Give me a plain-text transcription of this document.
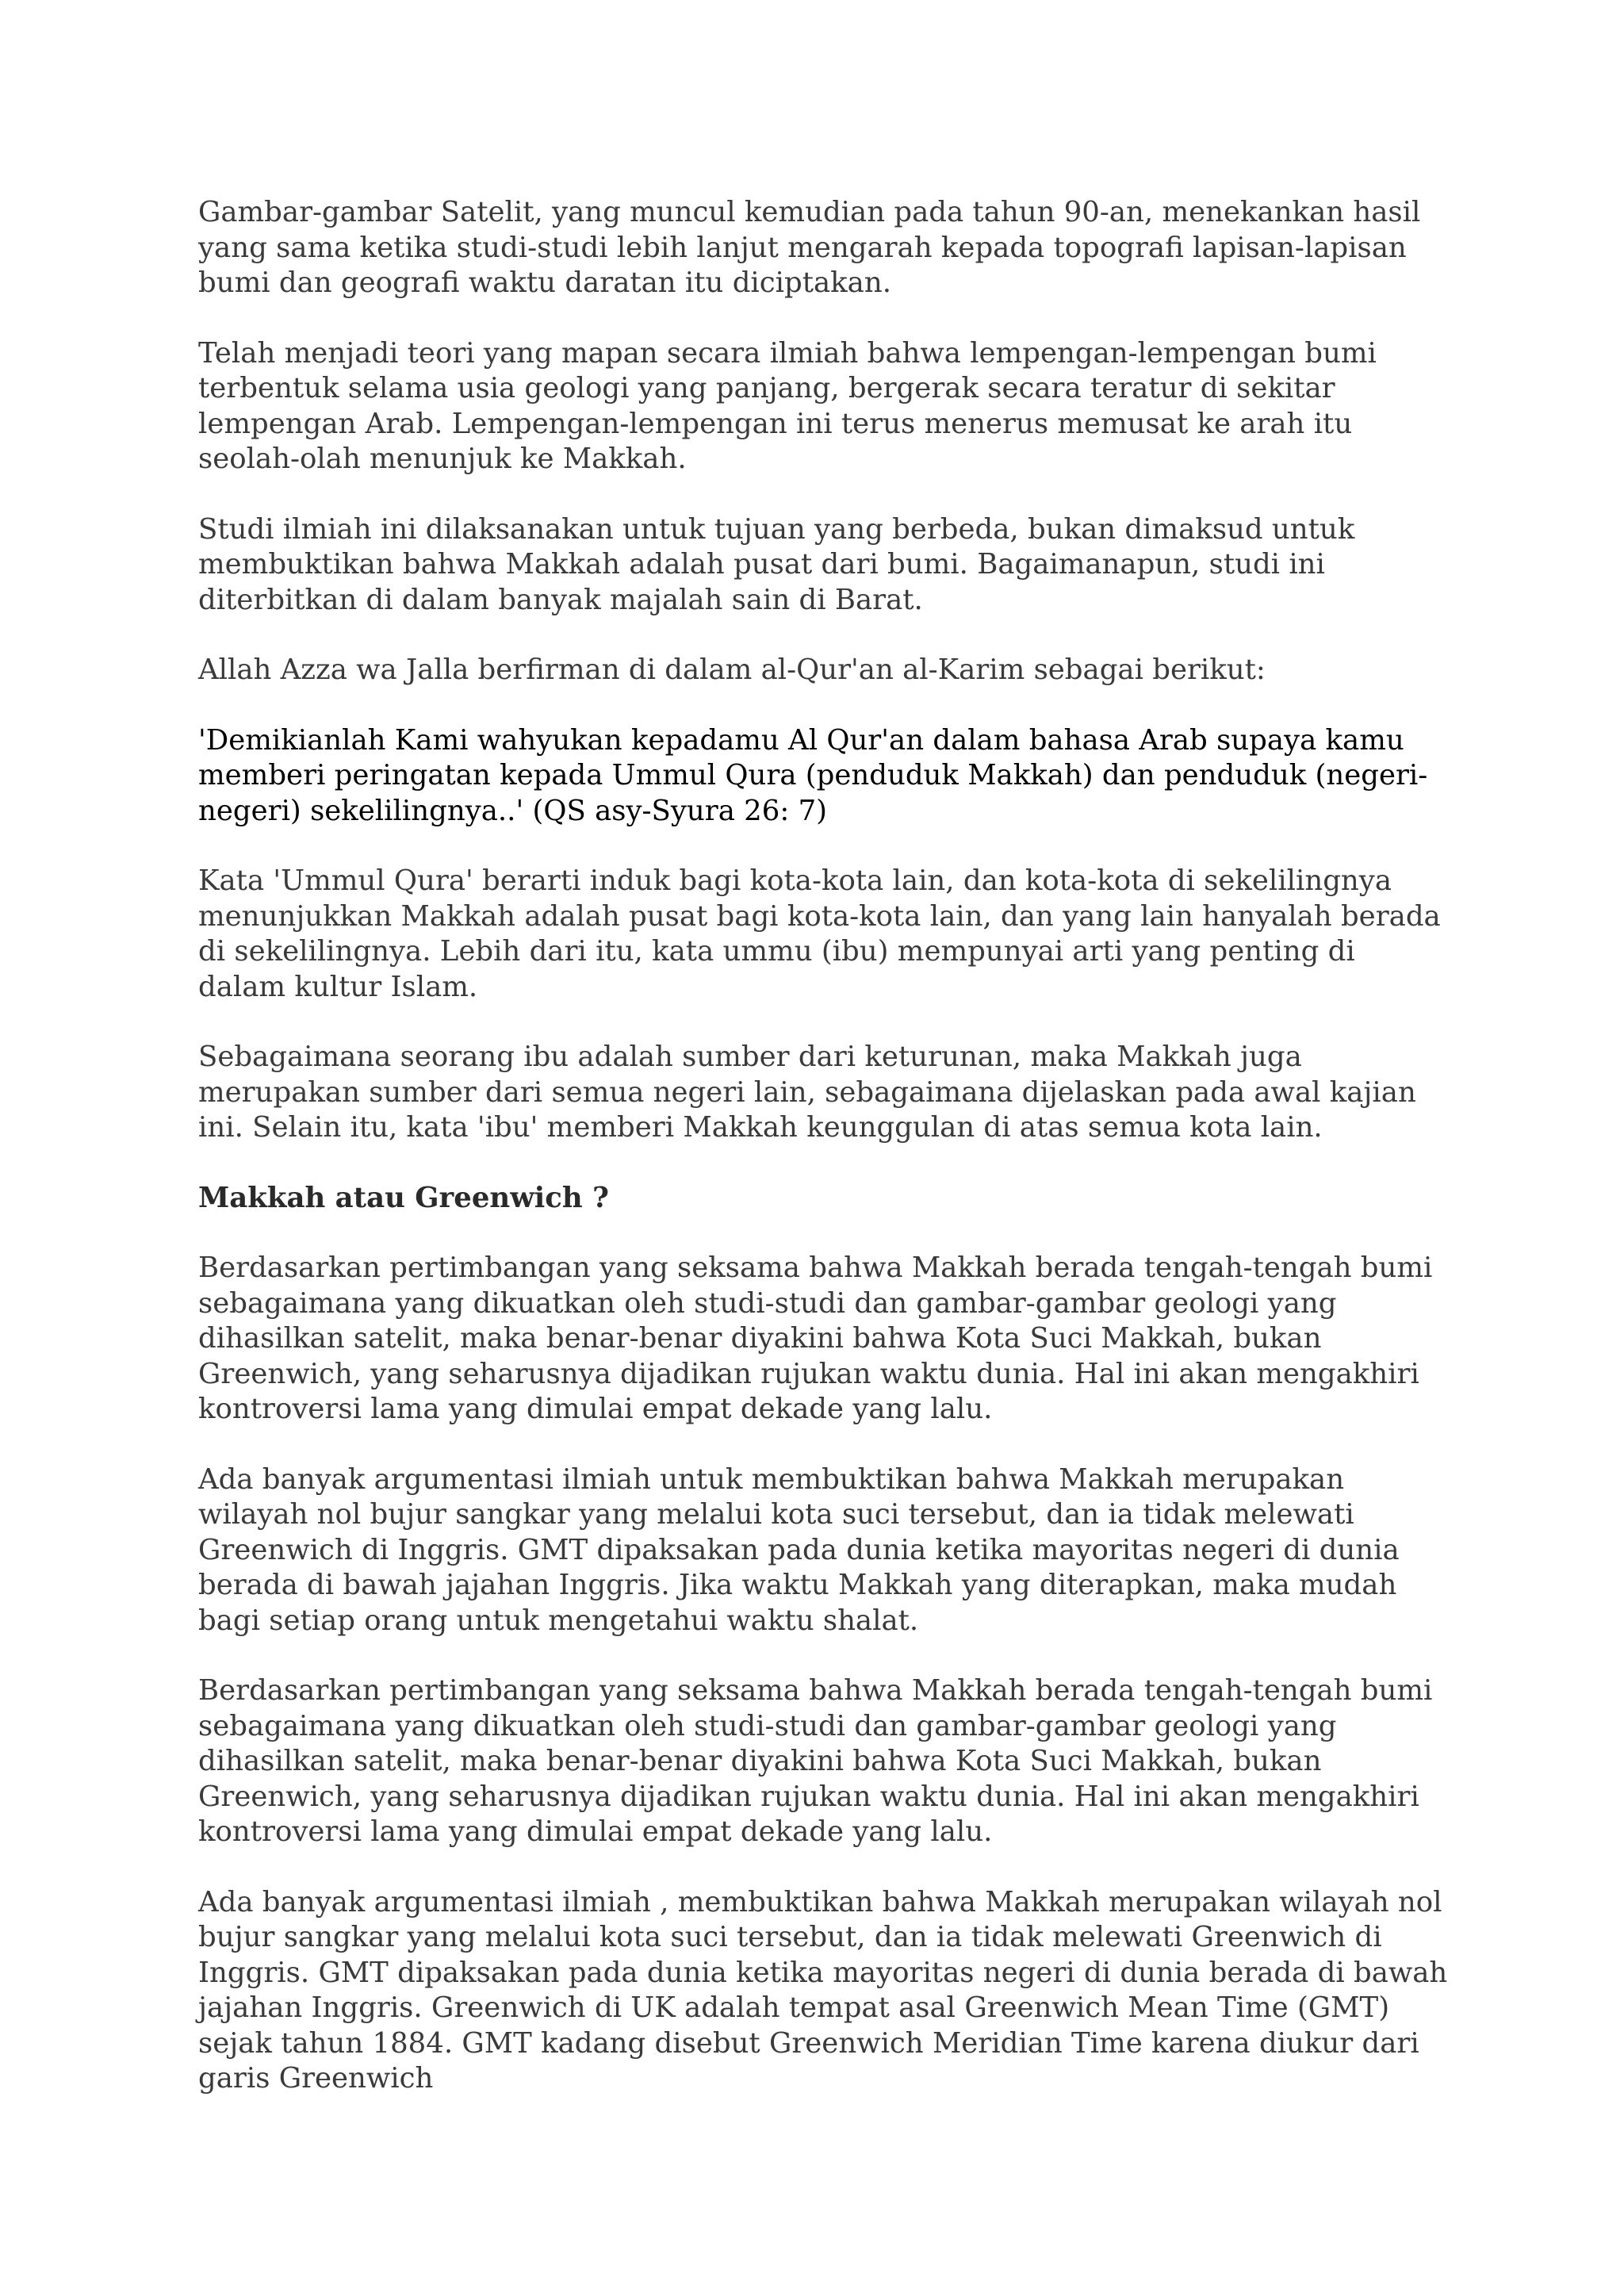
Gambar-gambar Satelit, yang muncul kemudian pada tahun 90-an, menekankan hasil yang sama ketika studi-studi lebih lanjut mengarah kepada topografi lapisan-lapisan bumi dan geografi waktu daratan itu diciptakan.

Telah menjadi teori yang mapan secara ilmiah bahwa lempengan-lempengan bumi terbentuk selama usia geologi yang panjang, bergerak secara teratur di sekitar lempengan Arab. Lempengan-lempengan ini terus menerus memusat ke arah itu seolah-olah menunjuk ke Makkah.

Studi ilmiah ini dilaksanakan untuk tujuan yang berbeda, bukan dimaksud untuk membuktikan bahwa Makkah adalah pusat dari bumi. Bagaimanapun, studi ini diterbitkan di dalam banyak majalah sain di Barat.

Allah Azza wa Jalla berfirman di dalam al-Qur'an al-Karim sebagai berikut:

'Demikianlah Kami wahyukan kepadamu Al Qur'an dalam bahasa Arab supaya kamu memberi peringatan kepada Ummul Qura (penduduk Makkah) dan penduduk (negeri-negeri) sekelilingnya..' (QS asy-Syura 26: 7)

Kata 'Ummul Qura' berarti induk bagi kota-kota lain, dan kota-kota di sekelilingnya menunjukkan Makkah adalah pusat bagi kota-kota lain, dan yang lain hanyalah berada di sekelilingnya. Lebih dari itu, kata ummu (ibu) mempunyai arti yang penting di dalam kultur Islam.

Sebagaimana seorang ibu adalah sumber dari keturunan, maka Makkah juga merupakan sumber dari semua negeri lain, sebagaimana dijelaskan pada awal kajian ini. Selain itu, kata 'ibu' memberi Makkah keunggulan di atas semua kota lain.

Makkah atau Greenwich ?

Berdasarkan pertimbangan yang seksama bahwa Makkah berada tengah-tengah bumi sebagaimana yang dikuatkan oleh studi-studi dan gambar-gambar geologi yang dihasilkan satelit, maka benar-benar diyakini bahwa Kota Suci Makkah, bukan Greenwich, yang seharusnya dijadikan rujukan waktu dunia. Hal ini akan mengakhiri kontroversi lama yang dimulai empat dekade yang lalu.

Ada banyak argumentasi ilmiah untuk membuktikan bahwa Makkah merupakan wilayah nol bujur sangkar yang melalui kota suci tersebut, dan ia tidak melewati Greenwich di Inggris. GMT dipaksakan pada dunia ketika mayoritas negeri di dunia berada di bawah jajahan Inggris. Jika waktu Makkah yang diterapkan, maka mudah bagi setiap orang untuk mengetahui waktu shalat.

Berdasarkan pertimbangan yang seksama bahwa Makkah berada tengah-tengah bumi sebagaimana yang dikuatkan oleh studi-studi dan gambar-gambar geologi yang dihasilkan satelit, maka benar-benar diyakini bahwa Kota Suci Makkah, bukan Greenwich, yang seharusnya dijadikan rujukan waktu dunia. Hal ini akan mengakhiri kontroversi lama yang dimulai empat dekade yang lalu.

Ada banyak argumentasi ilmiah , membuktikan bahwa Makkah merupakan wilayah nol bujur sangkar yang melalui kota suci tersebut, dan ia tidak melewati Greenwich di Inggris. GMT dipaksakan pada dunia ketika mayoritas negeri di dunia berada di bawah jajahan Inggris. Greenwich di UK adalah tempat asal Greenwich Mean Time (GMT) sejak tahun 1884. GMT kadang disebut Greenwich Meridian Time karena diukur dari garis Greenwich
